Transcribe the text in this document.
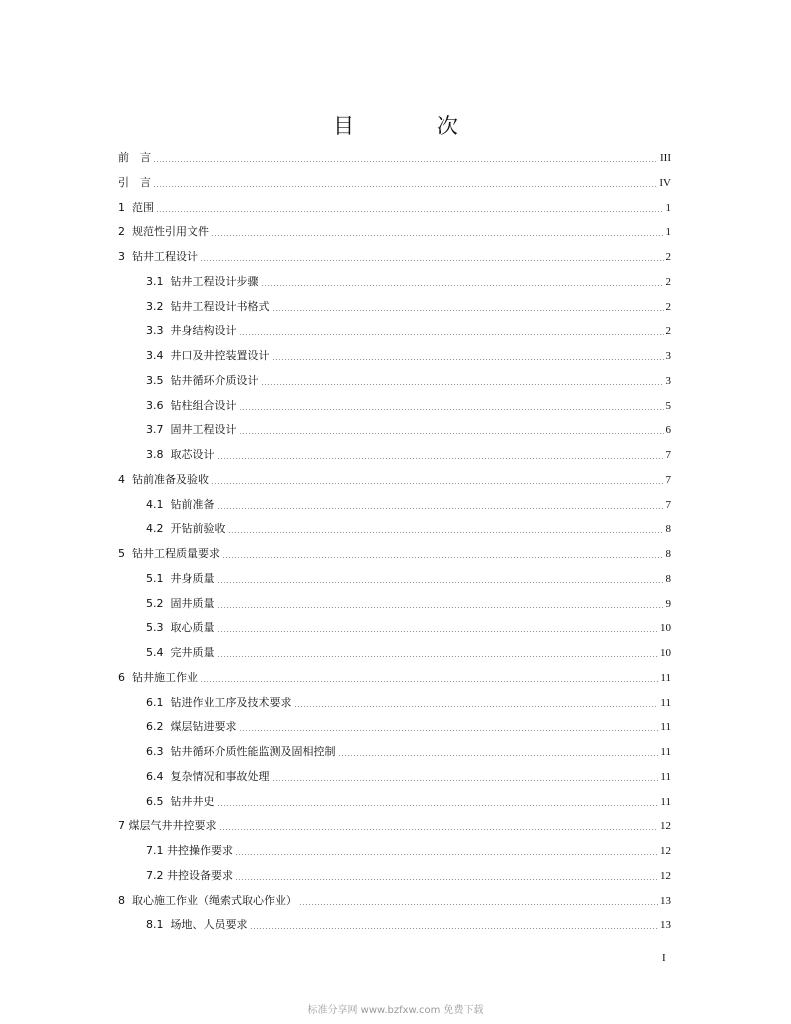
目 次
前　言	III
引　言	IV
1  范围	1
2  规范性引用文件	1
3  钻井工程设计	2
3.1  钻井工程设计步骤	2
3.2  钻井工程设计书格式	2
3.3  井身结构设计	2
3.4  井口及井控装置设计	3
3.5  钻井循环介质设计	3
3.6  钻柱组合设计	5
3.7  固井工程设计	6
3.8  取芯设计	7
4  钻前准备及验收	7
4.1  钻前准备	7
4.2  开钻前验收	8
5  钻井工程质量要求	8
5.1  井身质量	8
5.2  固井质量	9
5.3  取心质量	10
5.4  完井质量	10
6  钻井施工作业	11
6.1  钻进作业工序及技术要求	11
6.2  煤层钻进要求	11
6.3  钻井循环介质性能监测及固相控制	11
6.4  复杂情况和事故处理	11
6.5  钻井井史	11
7 煤层气井井控要求	12
7.1 井控操作要求	12
7.2 井控设备要求	12
8  取心施工作业（绳索式取心作业）	13
8.1  场地、人员要求	13
I
标准分享网 www.bzfxw.com 免费下载
